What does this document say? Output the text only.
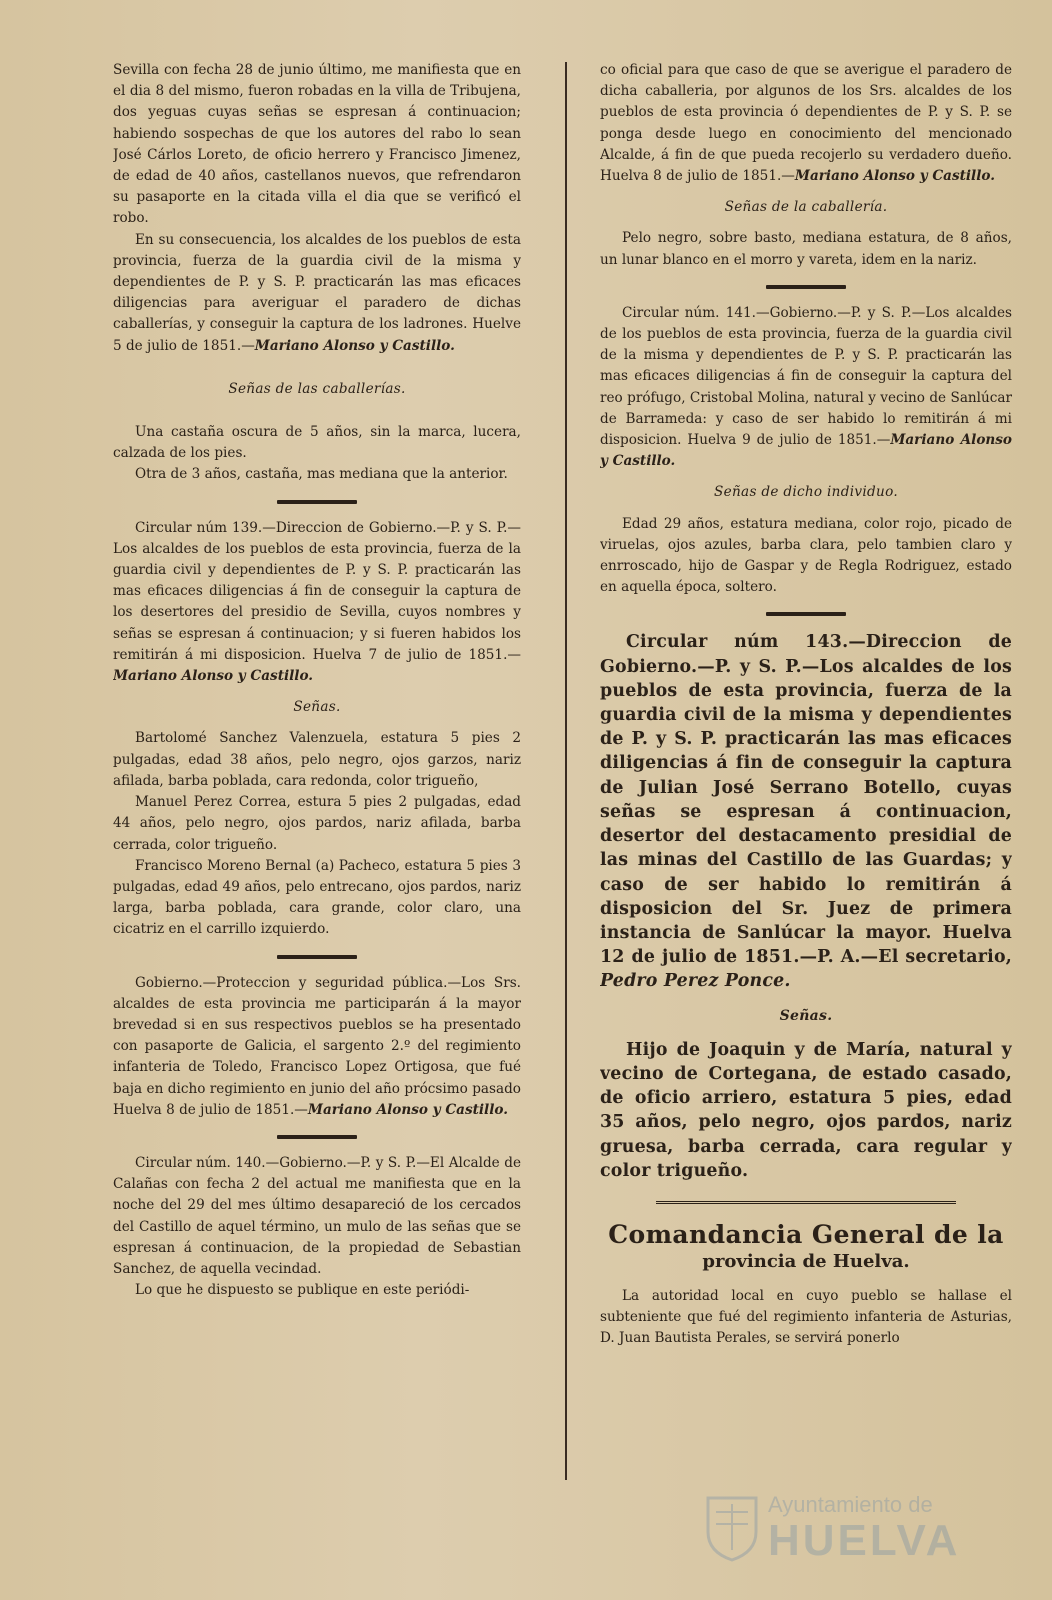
Sevilla con fecha 28 de junio último, me manifiesta que en el dia 8 del mismo, fueron robadas en la villa de Tribujena, dos yeguas cuyas señas se espresan á continuacion; habiendo sospechas de que los autores del rabo lo sean José Cárlos Loreto, de oficio herrero y Francisco Jimenez, de edad de 40 años, castellanos nuevos, que refrendaron su pasaporte en la citada villa el dia que se verificó el robo.

En su consecuencia, los alcaldes de los pueblos de esta provincia, fuerza de la guardia civil de la misma y dependientes de P. y S. P. practicarán las mas eficaces diligencias para averiguar el paradero de dichas caballerías, y conseguir la captura de los ladrones. Huelve 5 de julio de 1851.—Mariano Alonso y Castillo.

Señas de las caballerías.

Una castaña oscura de 5 años, sin la marca, lucera, calzada de los pies.

Otra de 3 años, castaña, mas mediana que la anterior.

Circular núm 139.—Direccion de Gobierno.—P. y S. P.—Los alcaldes de los pueblos de esta provincia, fuerza de la guardia civil y dependientes de P. y S. P. practicarán las mas eficaces diligencias á fin de conseguir la captura de los desertores del presidio de Sevilla, cuyos nombres y señas se espresan á continuacion; y si fueren habidos los remitirán á mi disposicion. Huelva 7 de julio de 1851.—Mariano Alonso y Castillo.

Señas.

Bartolomé Sanchez Valenzuela, estatura 5 pies 2 pulgadas, edad 38 años, pelo negro, ojos garzos, nariz afilada, barba poblada, cara redonda, color trigueño,

Manuel Perez Correa, estura 5 pies 2 pulgadas, edad 44 años, pelo negro, ojos pardos, nariz afilada, barba cerrada, color trigueño.

Francisco Moreno Bernal (a) Pacheco, estatura 5 pies 3 pulgadas, edad 49 años, pelo entrecano, ojos pardos, nariz larga, barba poblada, cara grande, color claro, una cicatriz en el carrillo izquierdo.

Gobierno.—Proteccion y seguridad pública.—Los Srs. alcaldes de esta provincia me participarán á la mayor brevedad si en sus respectivos pueblos se ha presentado con pasaporte de Galicia, el sargento 2.º del regimiento infanteria de Toledo, Francisco Lopez Ortigosa, que fué baja en dicho regimiento en junio del año prócsimo pasado Huelva 8 de julio de 1851.—Mariano Alonso y Castillo.

Circular núm. 140.—Gobierno.—P. y S. P.—El Alcalde de Calañas con fecha 2 del actual me manifiesta que en la noche del 29 del mes último desapareció de los cercados del Castillo de aquel término, un mulo de las señas que se espresan á continuacion, de la propiedad de Sebastian Sanchez, de aquella vecindad.

Lo que he dispuesto se publique en este periódi-

co oficial para que caso de que se averigue el paradero de dicha caballeria, por algunos de los Srs. alcaldes de los pueblos de esta provincia ó dependientes de P. y S. P. se ponga desde luego en conocimiento del mencionado Alcalde, á fin de que pueda recojerlo su verdadero dueño. Huelva 8 de julio de 1851.—Mariano Alonso y Castillo.

Señas de la caballería.

Pelo negro, sobre basto, mediana estatura, de 8 años, un lunar blanco en el morro y vareta, idem en la nariz.

Circular núm. 141.—Gobierno.—P. y S. P.—Los alcaldes de los pueblos de esta provincia, fuerza de la guardia civil de la misma y dependientes de P. y S. P. practicarán las mas eficaces diligencias á fin de conseguir la captura del reo prófugo, Cristobal Molina, natural y vecino de Sanlúcar de Barrameda: y caso de ser habido lo remitirán á mi disposicion. Huelva 9 de julio de 1851.—Mariano Alonso y Castillo.

Señas de dicho individuo.

Edad 29 años, estatura mediana, color rojo, picado de viruelas, ojos azules, barba clara, pelo tambien claro y enrroscado, hijo de Gaspar y de Regla Rodriguez, estado en aquella época, soltero.

Circular núm 143.—Direccion de Gobierno.—P. y S. P.—Los alcaldes de los pueblos de esta provincia, fuerza de la guardia civil de la misma y dependientes de P. y S. P. practicarán las mas eficaces diligencias á fin de conseguir la captura de Julian José Serrano Botello, cuyas señas se espresan á continuacion, desertor del destacamento presidial de las minas del Castillo de las Guardas; y caso de ser habido lo remitirán á disposicion del Sr. Juez de primera instancia de Sanlúcar la mayor. Huelva 12 de julio de 1851.—P. A.—El secretario, Pedro Perez Ponce.

Señas.

Hijo de Joaquin y de María, natural y vecino de Cortegana, de estado casado, de oficio arriero, estatura 5 pies, edad 35 años, pelo negro, ojos pardos, nariz gruesa, barba cerrada, cara regular y color trigueño.

Comandancia General de la
provincia de Huelva.

La autoridad local en cuyo pueblo se hallase el subteniente que fué del regimiento infanteria de Asturias, D. Juan Bautista Perales, se servirá ponerlo

Ayuntamiento de
HUELVA
